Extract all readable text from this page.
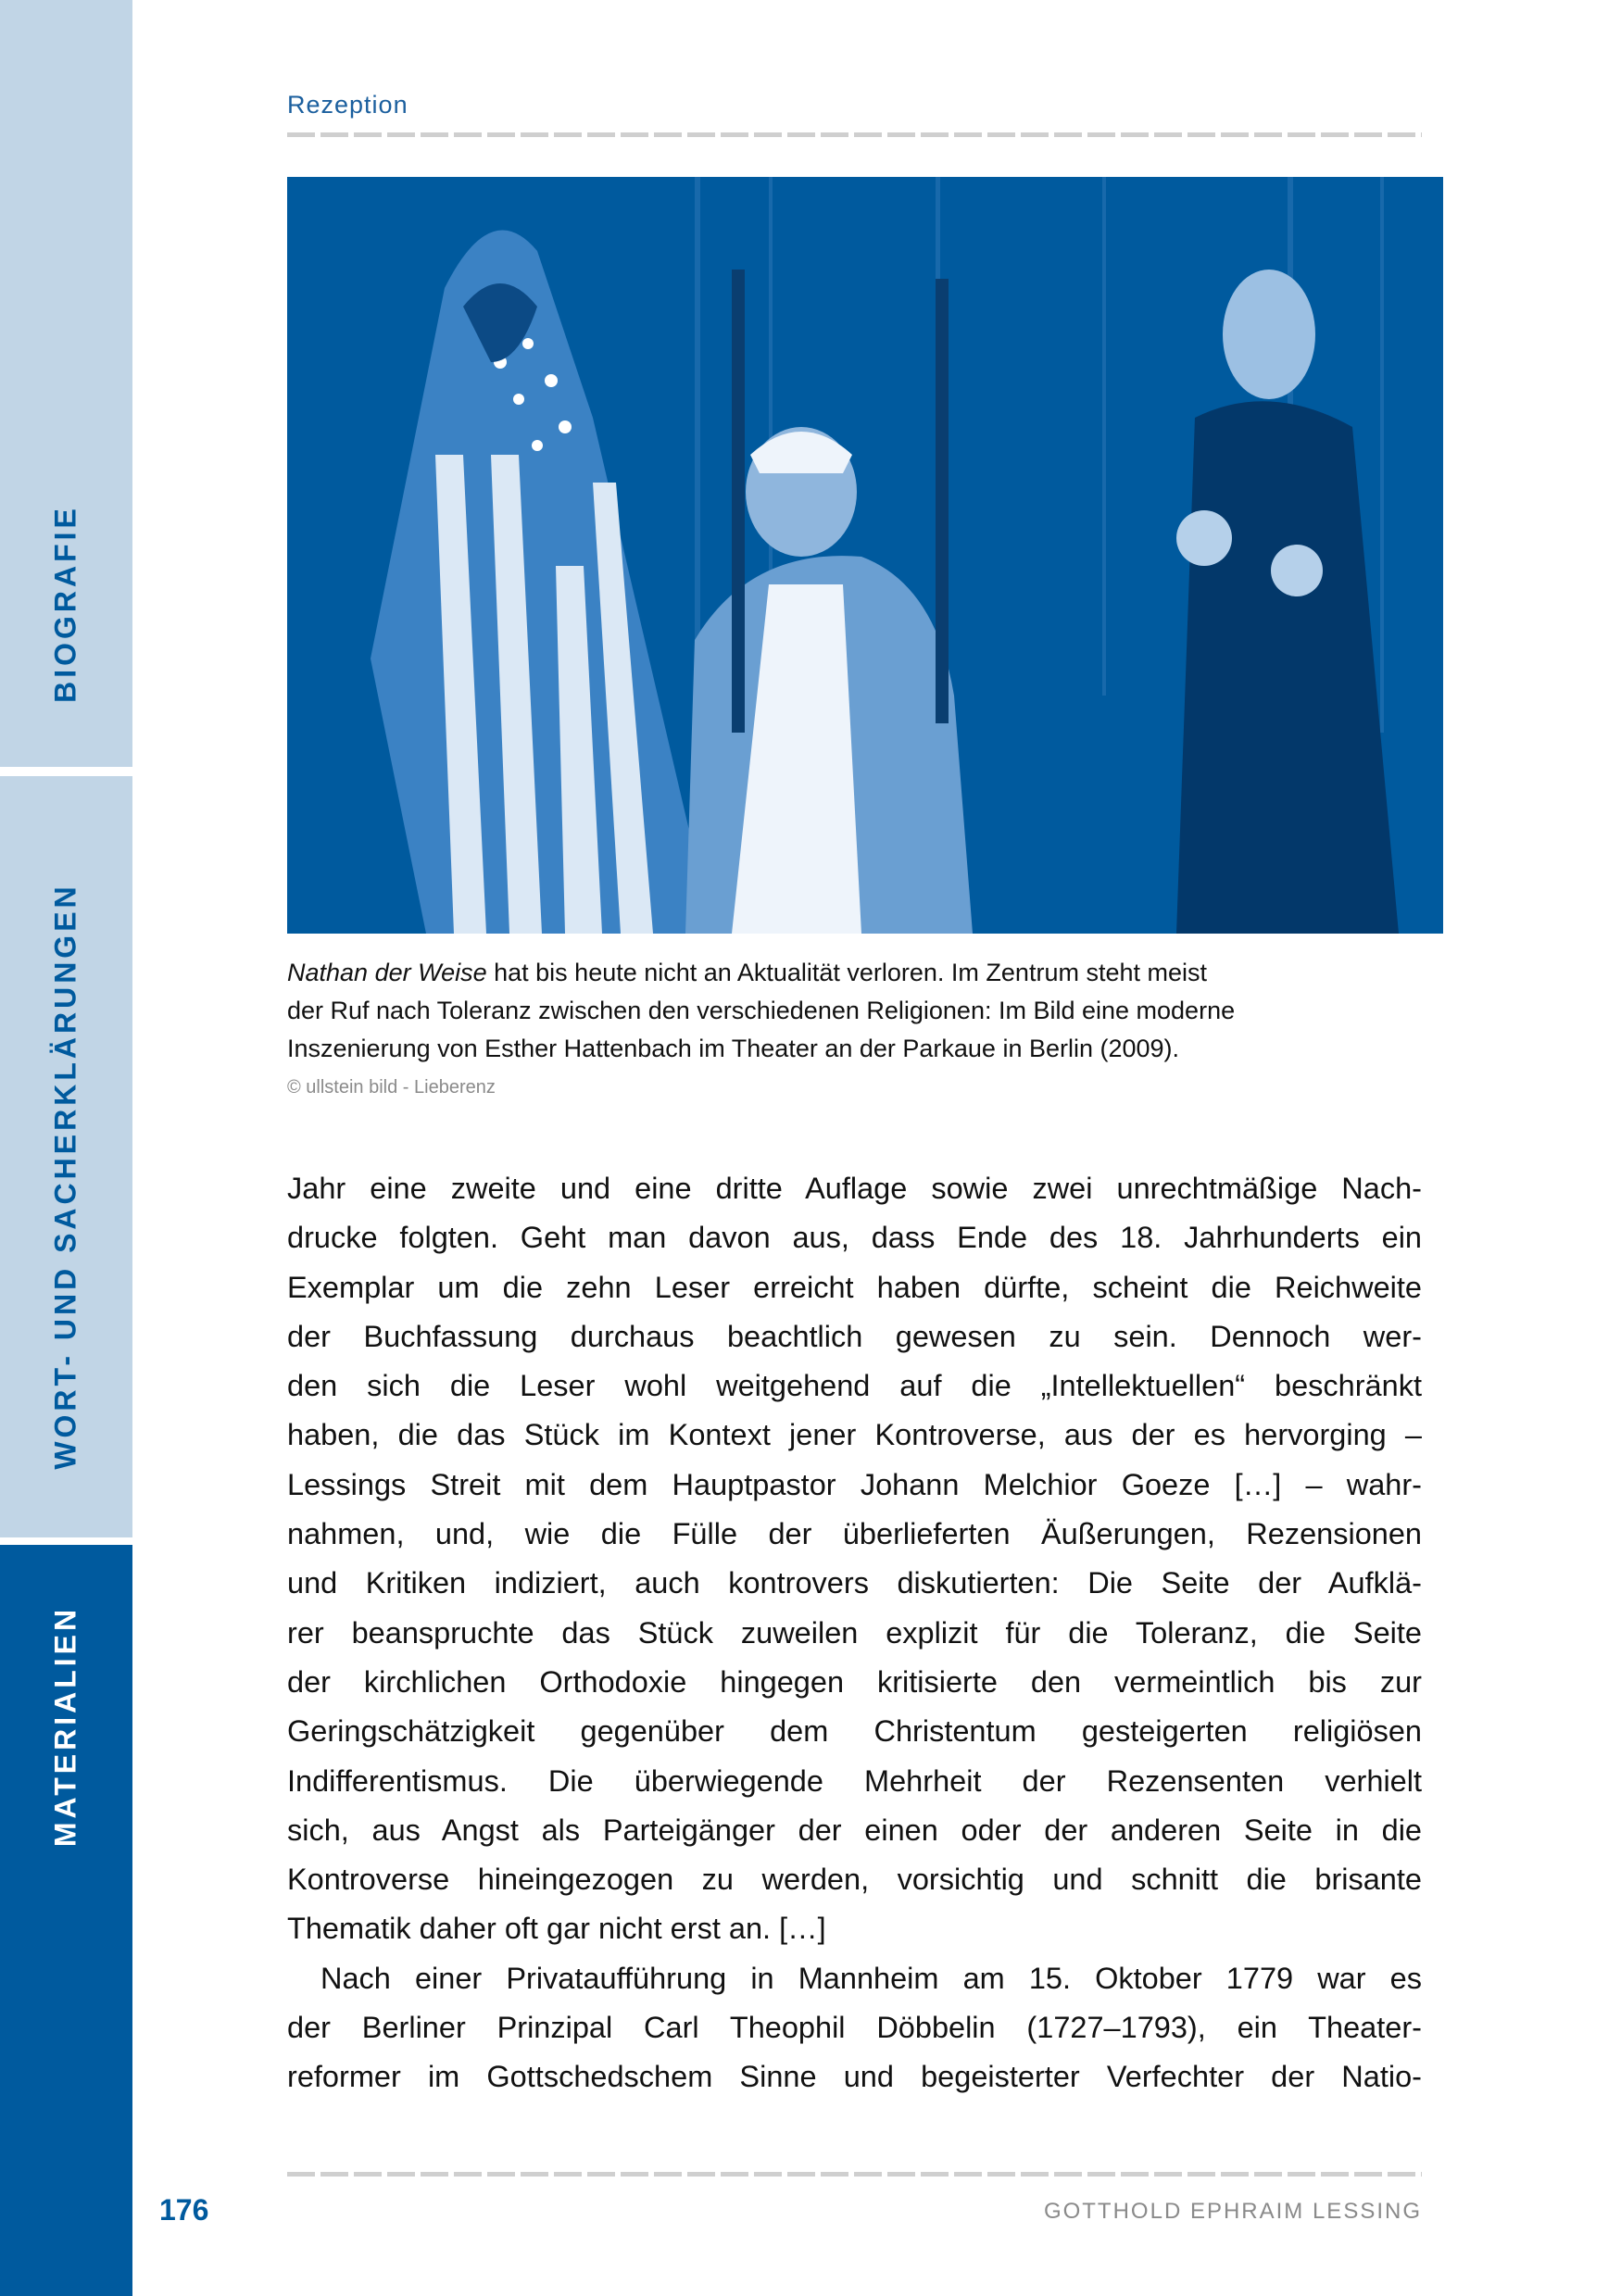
BIOGRAFIE
WORT- UND SACHERKLÄRUNGEN
MATERIALIEN
Rezeption
Nathan der Weise hat bis heute nicht an Aktualität verloren. Im Zentrum steht meist
der Ruf nach Toleranz zwischen den verschiedenen Religionen: Im Bild eine moderne
Inszenierung von Esther Hattenbach im Theater an der Parkaue in Berlin (2009).
© ullstein bild - Lieberenz
Jahr eine zweite und eine dritte Auflage sowie zwei unrechtmäßige Nach-
drucke folgten. Geht man davon aus, dass Ende des 18. Jahrhunderts ein
Exemplar um die zehn Leser erreicht haben dürfte, scheint die Reichweite
der Buchfassung durchaus beachtlich gewesen zu sein. Dennoch wer-
den sich die Leser wohl weitgehend auf die „Intellektuellen“ beschränkt
haben, die das Stück im Kontext jener Kontroverse, aus der es hervorging –
Lessings Streit mit dem Hauptpastor Johann Melchior Goeze […] – wahr-
nahmen, und, wie die Fülle der überlieferten Äußerungen, Rezensionen
und Kritiken indiziert, auch kontrovers diskutierten: Die Seite der Aufklä-
rer beanspruchte das Stück zuweilen explizit für die Toleranz, die Seite
der kirchlichen Orthodoxie hingegen kritisierte den vermeintlich bis zur
Geringschätzigkeit gegenüber dem Christentum gesteigerten religiösen
Indifferentismus. Die überwiegende Mehrheit der Rezensenten verhielt
sich, aus Angst als Parteigänger der einen oder der anderen Seite in die
Kontroverse hineingezogen zu werden, vorsichtig und schnitt die brisante
Thematik daher oft gar nicht erst an. […]
Nach einer Privataufführung in Mannheim am 15. Oktober 1779 war es
der Berliner Prinzipal Carl Theophil Döbbelin (1727–1793), ein Theater-
reformer im Gottschedschem Sinne und begeisterter Verfechter der Natio-
176	GOTTHOLD EPHRAIM LESSING
